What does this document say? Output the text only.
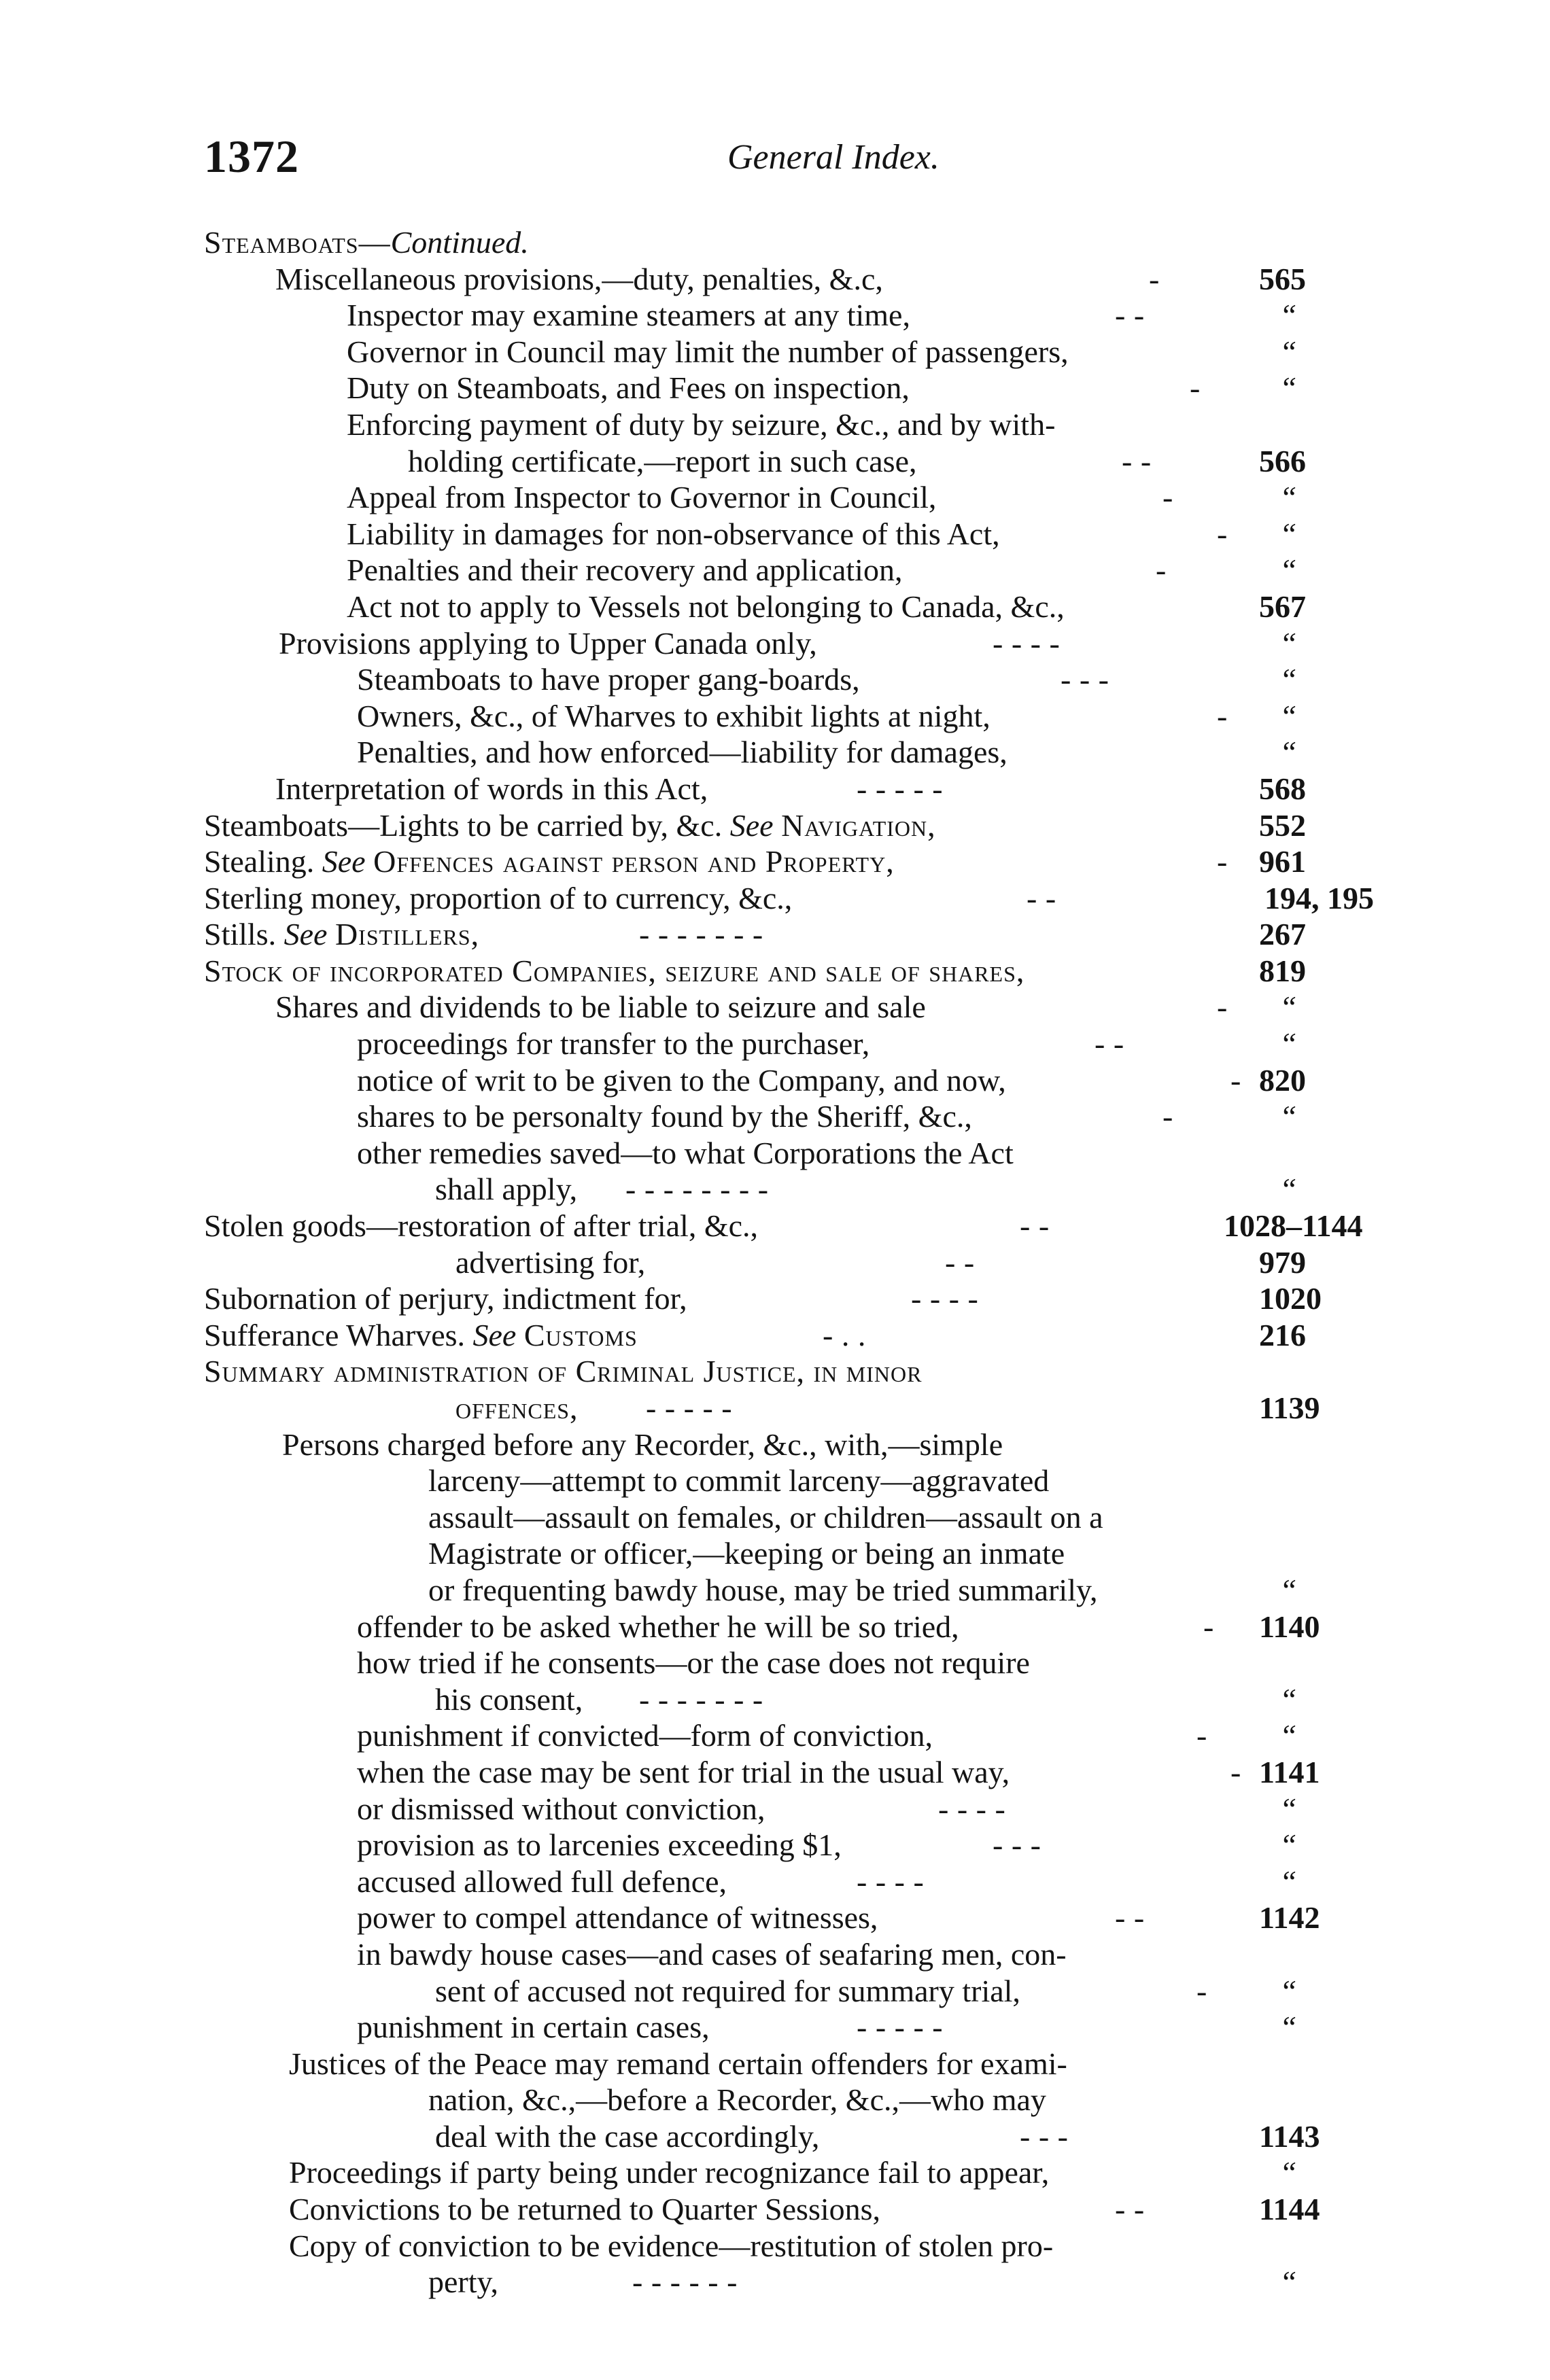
1372	General Index.
Steamboats—Continued.
Miscellaneous provisions,—duty, penalties, &.c,	-	565
Inspector may examine steamers at any time,	- -	“
Governor in Council may limit the number of passengers,	“
Duty on Steamboats, and Fees on inspection,	-	“
Enforcing payment of duty by seizure, &c., and by with-
holding certificate,—report in such case,	- -	566
Appeal from Inspector to Governor in Council,	-	“
Liability in damages for non-observance of this Act,	- “
Penalties and their recovery and application,	-	“
Act not to apply to Vessels not belonging to Canada, &c.,	567
Provisions applying to Upper Canada only,	- - - -	“
Steamboats to have proper gang-boards,	- - -	“
Owners, &c., of Wharves to exhibit lights at night,	- “
Penalties, and how enforced—liability for damages,	“
Interpretation of words in this Act,	- - - - -	568
Steamboats—Lights to be carried by, &c. See Navigation,	552
Stealing. See Offences against person and Property,	- 961
Sterling money, proportion of to currency, &c.,	- -	194, 195
Stills. See Distillers,	- - - - - - -	267
Stock of incorporated Companies, seizure and sale of shares,	819
Shares and dividends to be liable to seizure and sale	- “
proceedings for transfer to the purchaser,	- -	“
notice of writ to be given to the Company, and now,	- 820
shares to be personalty found by the Sheriff, &c.,	-	“
other remedies saved—to what Corporations the Act
shall apply, - - - - - - - -	“
Stolen goods—restoration of after trial, &c.,	- -	1028–1144
advertising for,	- -	979
Subornation of perjury, indictment for,	- - - -	1020
Sufferance Wharves. See Customs	- . .	216
Summary administration of Criminal Justice, in minor
offences, - - - - -	1139
Persons charged before any Recorder, &c., with,—simple
larceny—attempt to commit larceny—aggravated
assault—assault on females, or children—assault on a
Magistrate or officer,—keeping or being an inmate
or frequenting bawdy house, may be tried summarily,	“
offender to be asked whether he will be so tried,	- 1140
how tried if he consents—or the case does not require
his consent, - - - - - - -	“
punishment if convicted—form of conviction,	- “
when the case may be sent for trial in the usual way,	- 1141
or dismissed without conviction,	- - - -	“
provision as to larcenies exceeding $1,	- - -	“
accused allowed full defence,	- - - -	“
power to compel attendance of witnesses,	- -	1142
in bawdy house cases—and cases of seafaring men, con-
sent of accused not required for summary trial,	- “
punishment in certain cases,	- - - - -	“
Justices of the Peace may remand certain offenders for exami-
nation, &c.,—before a Recorder, &c.,—who may
deal with the case accordingly,	- - -	1143
Proceedings if party being under recognizance fail to appear,	“
Convictions to be returned to Quarter Sessions,	- -	1144
Copy of conviction to be evidence—restitution of stolen pro-
perty,	- - - - - -	“
